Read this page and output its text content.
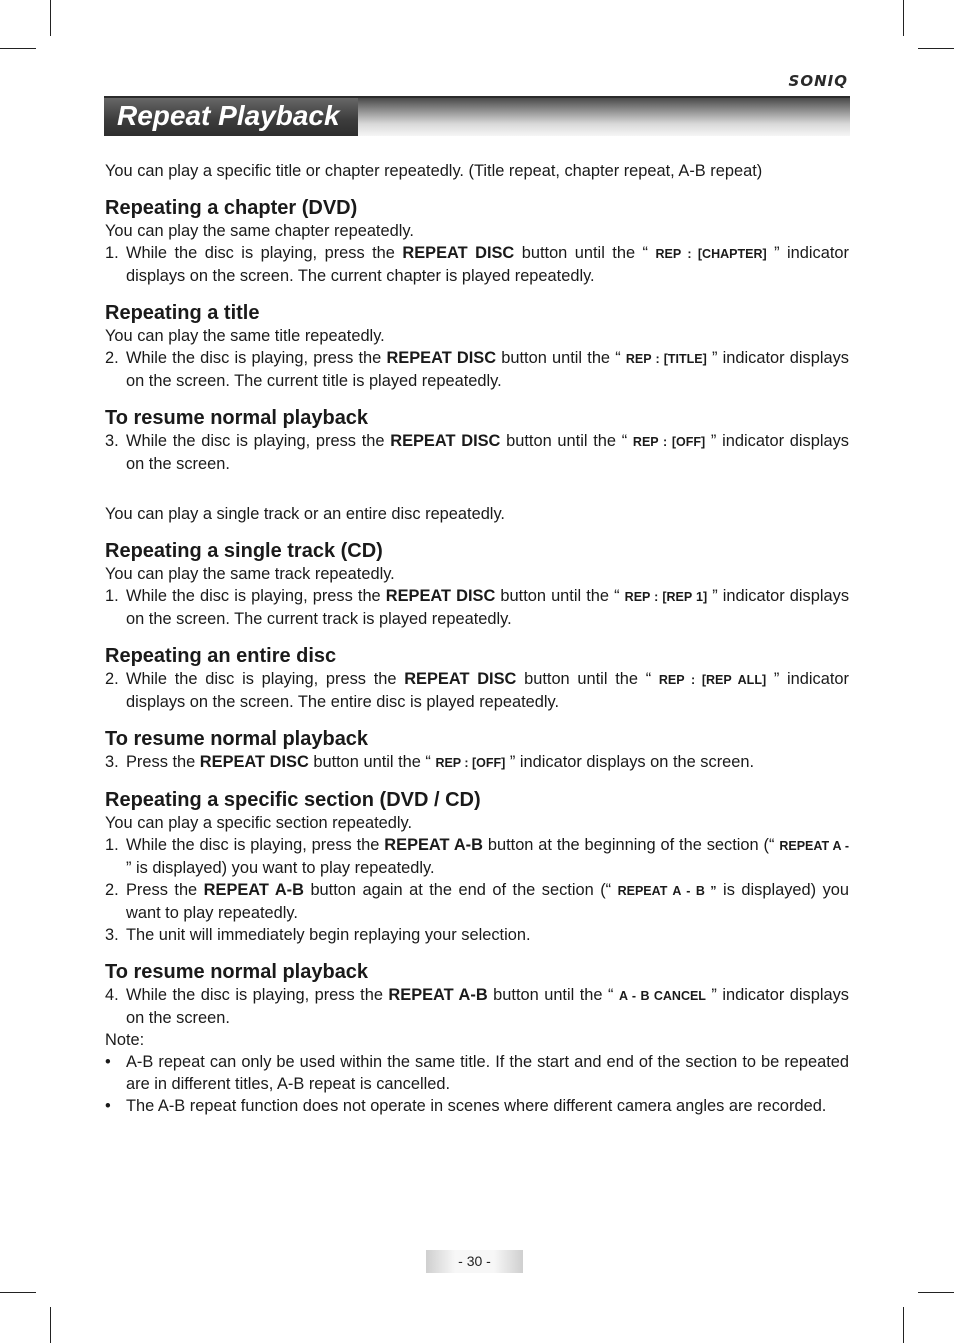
SONIQ
Repeat Playback

You can play a specific title or chapter repeatedly. (Title repeat, chapter repeat, A-B repeat)

Repeating a chapter (DVD)

You can play the same chapter repeatedly.

1. While the disc is playing, press the REPEAT DISC button until the “ REP : [CHAPTER] ” indicator displays on the screen. The current chapter is played repeatedly.
Repeating a title

You can play the same title repeatedly.

2. While the disc is playing, press the REPEAT DISC button until the “ REP : [TITLE] ” indicator displays on the screen. The current title is played repeatedly.
To resume normal playback
3. While the disc is playing, press the REPEAT DISC button until the “ REP : [OFF] ” indicator displays on the screen.

You can play a single track or an entire disc repeatedly.

Repeating a single track (CD)

You can play the same track repeatedly.

1. While the disc is playing, press the REPEAT DISC button until the “ REP : [REP 1] ” indicator displays on the screen. The current track is played repeatedly.
Repeating an entire disc
2. While the disc is playing, press the REPEAT DISC button until the “ REP : [REP ALL] ” indicator displays on the screen. The entire disc is played repeatedly.
To resume normal playback
3. Press the REPEAT DISC button until the “ REP : [OFF] ” indicator displays on the screen.
Repeating a specific section (DVD / CD)

You can play a specific section repeatedly.

1. While the disc is playing, press the REPEAT A-B button at the beginning of the section (“ REPEAT A - ” is displayed) you want to play repeatedly.
2. Press the REPEAT A-B button again at the end of the section (“ REPEAT A - B ” is displayed) you want to play repeatedly.
3. The unit will immediately begin replaying your selection.
To resume normal playback
4. While the disc is playing, press the REPEAT A-B button until the “ A - B CANCEL ” indicator displays on the screen.

Note:

• A-B repeat can only be used within the same title. If the start and end of the section to be repeated are in different titles, A-B repeat is cancelled.
• The A-B repeat function does not operate in scenes where different camera angles are recorded.
- 30 -
